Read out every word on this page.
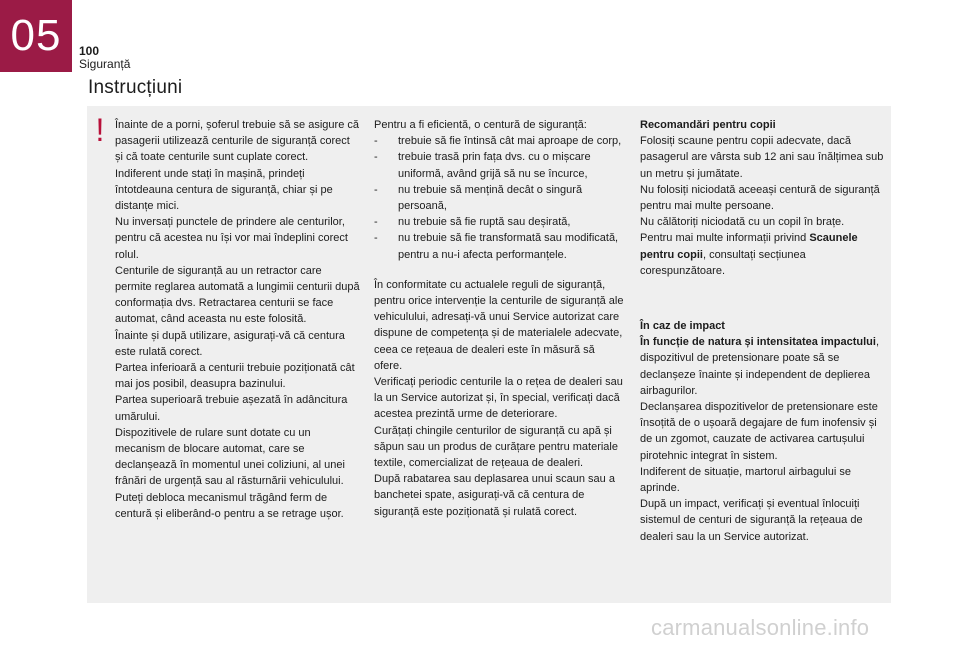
05 100
Siguranță
Instrucțiuni
! Înainte de a porni, șoferul trebuie să se asigure că pasagerii utilizează centurile de siguranță corect și că toate centurile sunt cuplate corect.

Indiferent unde stați în mașină, prindeți întotdeauna centura de siguranță, chiar și pe distanțe mici.

Nu inversați punctele de prindere ale centurilor, pentru că acestea nu își vor mai îndeplini corect rolul.

Centurile de siguranță au un retractor care permite reglarea automată a lungimii centurii după conformația dvs. Retractarea centurii se face automat, când aceasta nu este folosită.

Înainte și după utilizare, asigurați-vă că centura este rulată corect.

Partea inferioară a centurii trebuie poziționată cât mai jos posibil, deasupra bazinului.

Partea superioară trebuie așezată în adâncitura umărului.

Dispozitivele de rulare sunt dotate cu un mecanism de blocare automat, care se declanșează în momentul unei coliziuni, al unei frânări de urgență sau al răsturnării vehiculului. Puteți debloca mecanismul trăgând ferm de centură și eliberând-o pentru a se retrage ușor.

Pentru a fi eficientă, o centură de siguranță:

- trebuie să fie întinsă cât mai aproape de corp,
- trebuie trasă prin fața dvs. cu o mișcare uniformă, având grijă să nu se încurce,
- nu trebuie să mențină decât o singură persoană,
- nu trebuie să fie ruptă sau deșirată,
- nu trebuie să fie transformată sau modificată, pentru a nu-i afecta performanțele.

În conformitate cu actualele reguli de siguranță, pentru orice intervenție la centurile de siguranță ale vehiculului, adresați-vă unui Service autorizat care dispune de competența și de materialele adecvate, ceea ce rețeaua de dealeri este în măsură să ofere.

Verificați periodic centurile la o rețea de dealeri sau la un Service autorizat și, în special, verificați dacă acestea prezintă urme de deteriorare.

Curățați chingile centurilor de siguranță cu apă și săpun sau un produs de curățare pentru materiale textile, comercializat de rețeaua de dealeri.

După rabatarea sau deplasarea unui scaun sau a banchetei spate, asigurați-vă că centura de siguranță este poziționată și rulată corect.

Recomandări pentru copii

Folosiți scaune pentru copii adecvate, dacă pasagerul are vârsta sub 12 ani sau înălțimea sub un metru și jumătate.

Nu folosiți niciodată aceeași centură de siguranță pentru mai multe persoane.

Nu călătoriți niciodată cu un copil în brațe.

Pentru mai multe informații privind Scaunele pentru copii, consultați secțiunea corespunzătoare.

În caz de impact

În funcție de natura și intensitatea impactului, dispozitivul de pretensionare poate să se declanșeze înainte și independent de deplierea airbagurilor.

Declanșarea dispozitivelor de pretensionare este însoțită de o ușoară degajare de fum inofensiv și de un zgomot, cauzate de activarea cartușului pirotehnic integrat în sistem.

Indiferent de situație, martorul airbagului se aprinde.

După un impact, verificați și eventual înlocuiți sistemul de centuri de siguranță la rețeaua de dealeri sau la un Service autorizat.

carmanualsonline.info
